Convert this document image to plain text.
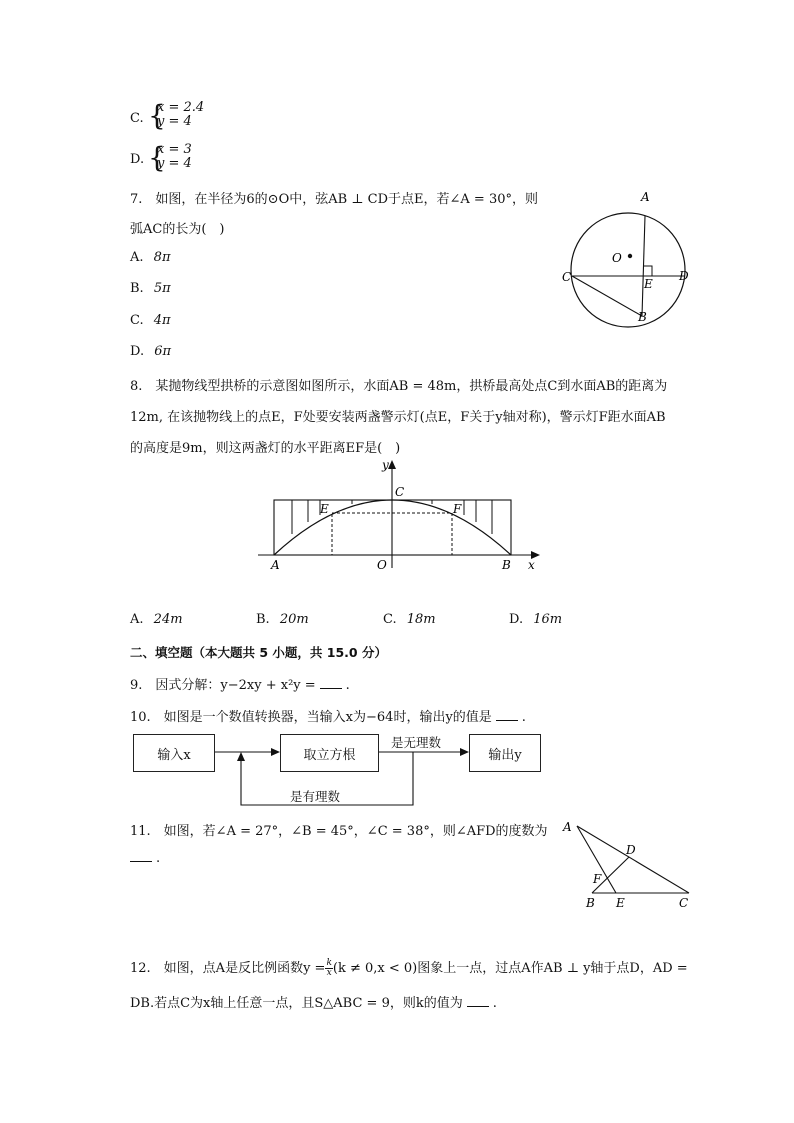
C. {
x = 2.4
y = 4
D. {
x = 3
y = 4
7.　如图，在半径为6的⊙O中，弦AB ⊥ CD于点E，若∠A = 30°，则
弧AC的长为(　)
A. 8π
B. 5π
C. 4π
D. 6π
A
O
C	D
E
B
8.　某抛物线型拱桥的示意图如图所示，水面AB = 48m，拱桥最高处点C到水面AB的距离为
12m, 在该抛物线上的点E，F处要安装两盏警示灯(点E，F关于y轴对称)，警示灯F距水面AB
的高度是9m，则这两盏灯的水平距离EF是(　)
C
y
E	F
A	O	B x
A. 24m	B. 20m	C. 18m	D. 16m
二、填空题（本大题共 5 小题，共 15.0 分）
9.　因式分解：y−2xy + x²y = .
10.　如图是一个数值转换器，当输入x为−64时，输出y的值是 .
输入x	取立方根	输出y
是无理数
是有理数
11.　如图，若∠A = 27°，∠B = 45°，∠C = 38°，则∠AFD的度数为
.
A
D
F
B E	C
12.　如图，点A是反比例函数$y = \frac{k}{x} (k \ne 0,x < 0)$图象上一点，过点A作AB ⊥ y轴于点D，AD =
DB.若点C为x轴上任意一点，且S△ABC = 9，则k的值为 .
